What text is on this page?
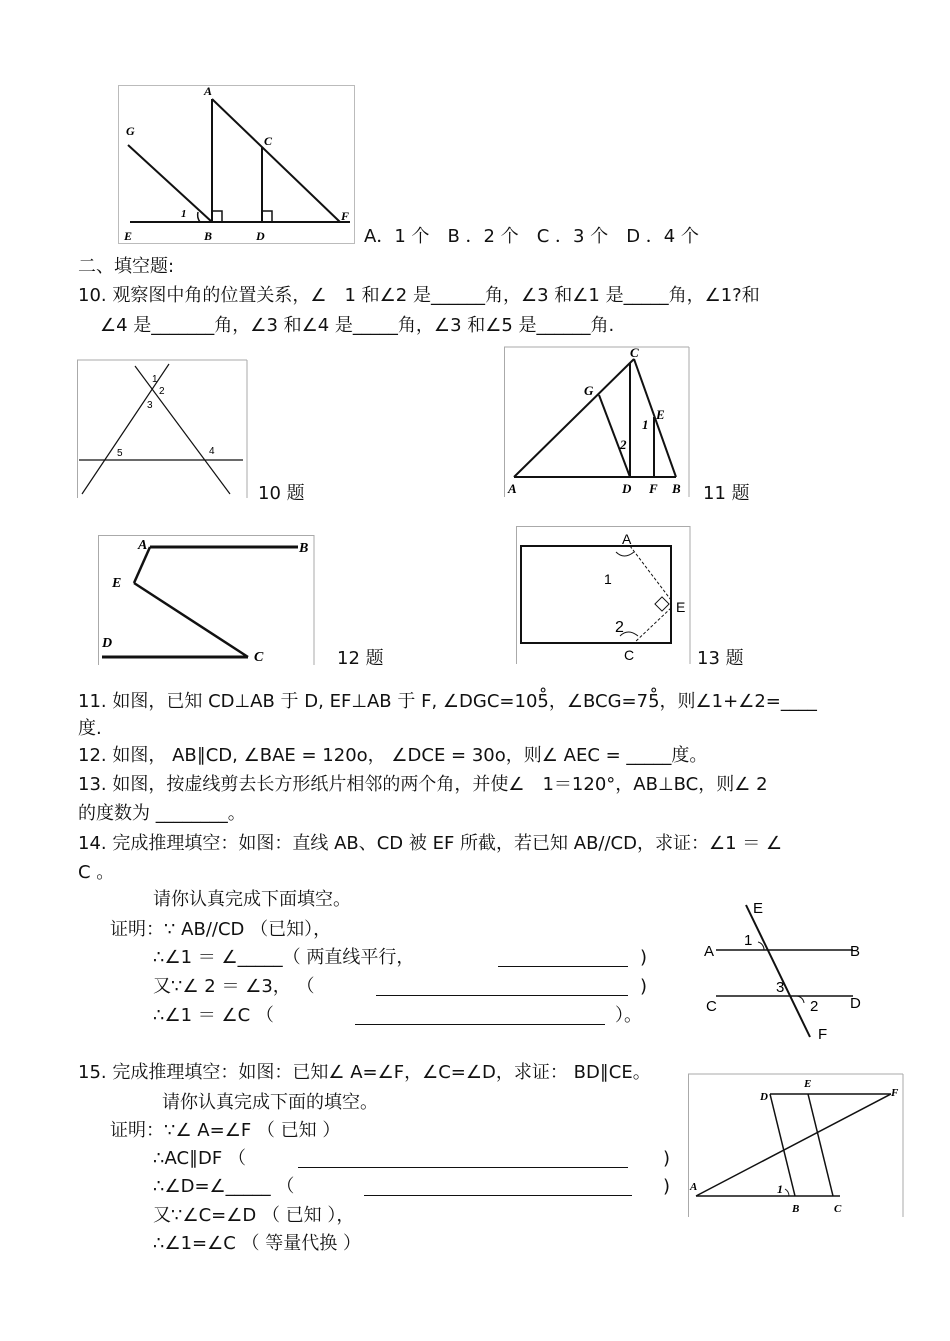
A
G
C
1	F
E	B	D	A．1 个　B ．2 个　C ．3 个　D ．4 个
二、填空题:
10. 观察图中角的位置关系，∠　1 和∠2 是______角，∠3 和∠1 是_____角，∠1?和
∠4 是_______角，∠3 和∠4 是_____角，∠3 和∠5 是______角.
1
2
3
5	4
10 题
C
G
E
1
2
A	D F B 11 题
A	B
E
D
C	12 题
A
1
E
2
C	13 题
11. 如图，已知 CD⊥AB 于 D, EF⊥AB 于 F, ∠DGC=105̊，∠BCG=75̊，则∠1+∠2=____
度.
12. 如图， AB∥CD, ∠BAE = 120o， ∠DCE = 30o，则∠ AEC = _____度。
13. 如图，按虚线剪去长方形纸片相邻的两个角，并使∠　1＝120°，AB⊥BC，则∠ 2
的度数为 ________。
14. 完成推理填空：如图：直线 AB、CD 被 EF 所截，若已知 AB//CD，求证：∠1 ＝ ∠
C 。
请你认真完成下面填空。
证明：∵ AB//CD （已知），
∴∠1 ＝ ∠_____（ 两直线平行，	)
又∵∠ 2 ＝ ∠3， （	)
∴∠1 ＝ ∠C （	）。
E
1
A	B
3
2
C	D
F
15. 完成推理填空：如图：已知∠ A=∠F，∠C=∠D，求证： BD∥CE。
请你认真完成下面的填空。
证明：∵∠ A=∠F （ 已知 ）
∴AC∥DF （	)
∴∠D=∠_____ （	)
又∵∠C=∠D （ 已知 ），
∴∠1=∠C （ 等量代换 ）
D
E
F
A	1
B	C
